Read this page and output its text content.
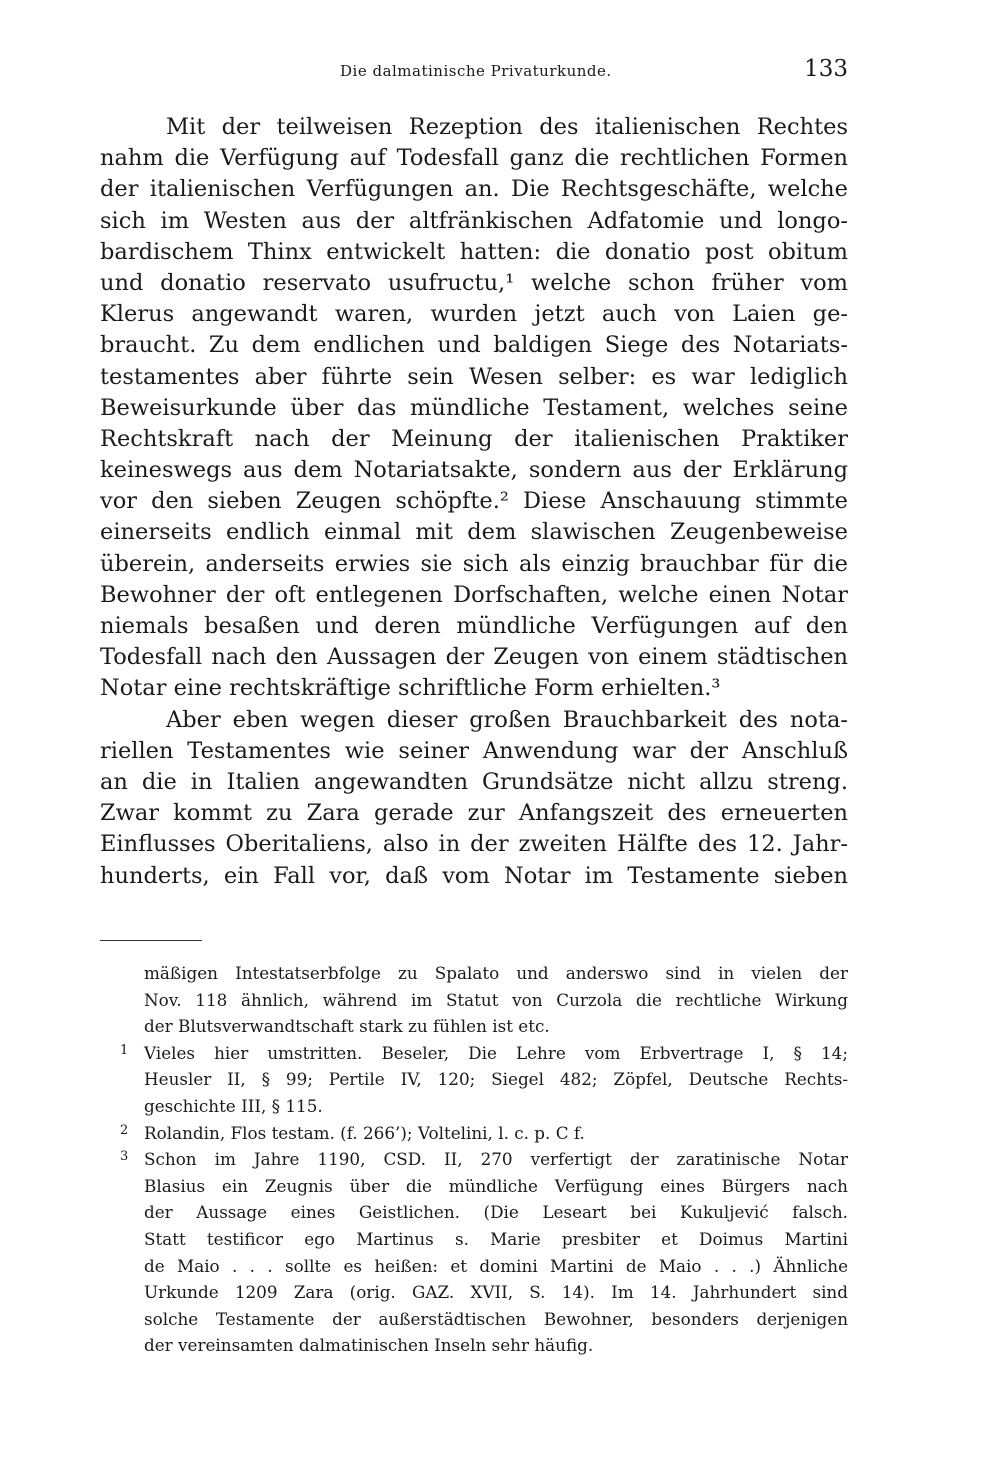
Die dalmatinische Privaturkunde.	133
Mit der teilweisen Rezeption des italienischen Rechtes
nahm die Verfügung auf Todesfall ganz die rechtlichen Formen
der italienischen Verfügungen an. Die Rechtsgeschäfte, welche
sich im Westen aus der altfränkischen Adfatomie und longo-
bardischem Thinx entwickelt hatten: die donatio post obitum
und donatio reservato usufructu,¹ welche schon früher vom
Klerus angewandt waren, wurden jetzt auch von Laien ge-
braucht. Zu dem endlichen und baldigen Siege des Notariats-
testamentes aber führte sein Wesen selber: es war lediglich
Beweisurkunde über das mündliche Testament, welches seine
Rechtskraft nach der Meinung der italienischen Praktiker
keineswegs aus dem Notariatsakte, sondern aus der Erklärung
vor den sieben Zeugen schöpfte.² Diese Anschauung stimmte
einerseits endlich einmal mit dem slawischen Zeugenbeweise
überein, anderseits erwies sie sich als einzig brauchbar für die
Bewohner der oft entlegenen Dorfschaften, welche einen Notar
niemals besaßen und deren mündliche Verfügungen auf den
Todesfall nach den Aussagen der Zeugen von einem städtischen
Notar eine rechtskräftige schriftliche Form erhielten.³
Aber eben wegen dieser großen Brauchbarkeit des nota-
riellen Testamentes wie seiner Anwendung war der Anschluß
an die in Italien angewandten Grundsätze nicht allzu streng.
Zwar kommt zu Zara gerade zur Anfangszeit des erneuerten
Einflusses Oberitaliens, also in der zweiten Hälfte des 12. Jahr-
hunderts, ein Fall vor, daß vom Notar im Testamente sieben
mäßigen Intestatserbfolge zu Spalato und anderswo sind in vielen der
Nov. 118 ähnlich, während im Statut von Curzola die rechtliche Wirkung
der Blutsverwandtschaft stark zu fühlen ist etc.
1 Vieles hier umstritten. Beseler, Die Lehre vom Erbvertrage I, § 14;
Heusler II, § 99; Pertile IV, 120; Siegel 482; Zöpfel, Deutsche Rechts-
geschichte III, § 115.
2 Rolandin, Flos testam. (f. 266’); Voltelini, l. c. p. C f.
3 Schon im Jahre 1190, CSD. II, 270 verfertigt der zaratinische Notar
Blasius ein Zeugnis über die mündliche Verfügung eines Bürgers nach
der Aussage eines Geistlichen. (Die Leseart bei Kukuljević falsch.
Statt testificor ego Martinus s. Marie presbiter et Doimus Martini
de Maio . . . sollte es heißen: et domini Martini de Maio . . .) Ähnliche
Urkunde 1209 Zara (orig. GAZ. XVII, S. 14). Im 14. Jahrhundert sind
solche Testamente der außerstädtischen Bewohner, besonders derjenigen
der vereinsamten dalmatinischen Inseln sehr häufig.
